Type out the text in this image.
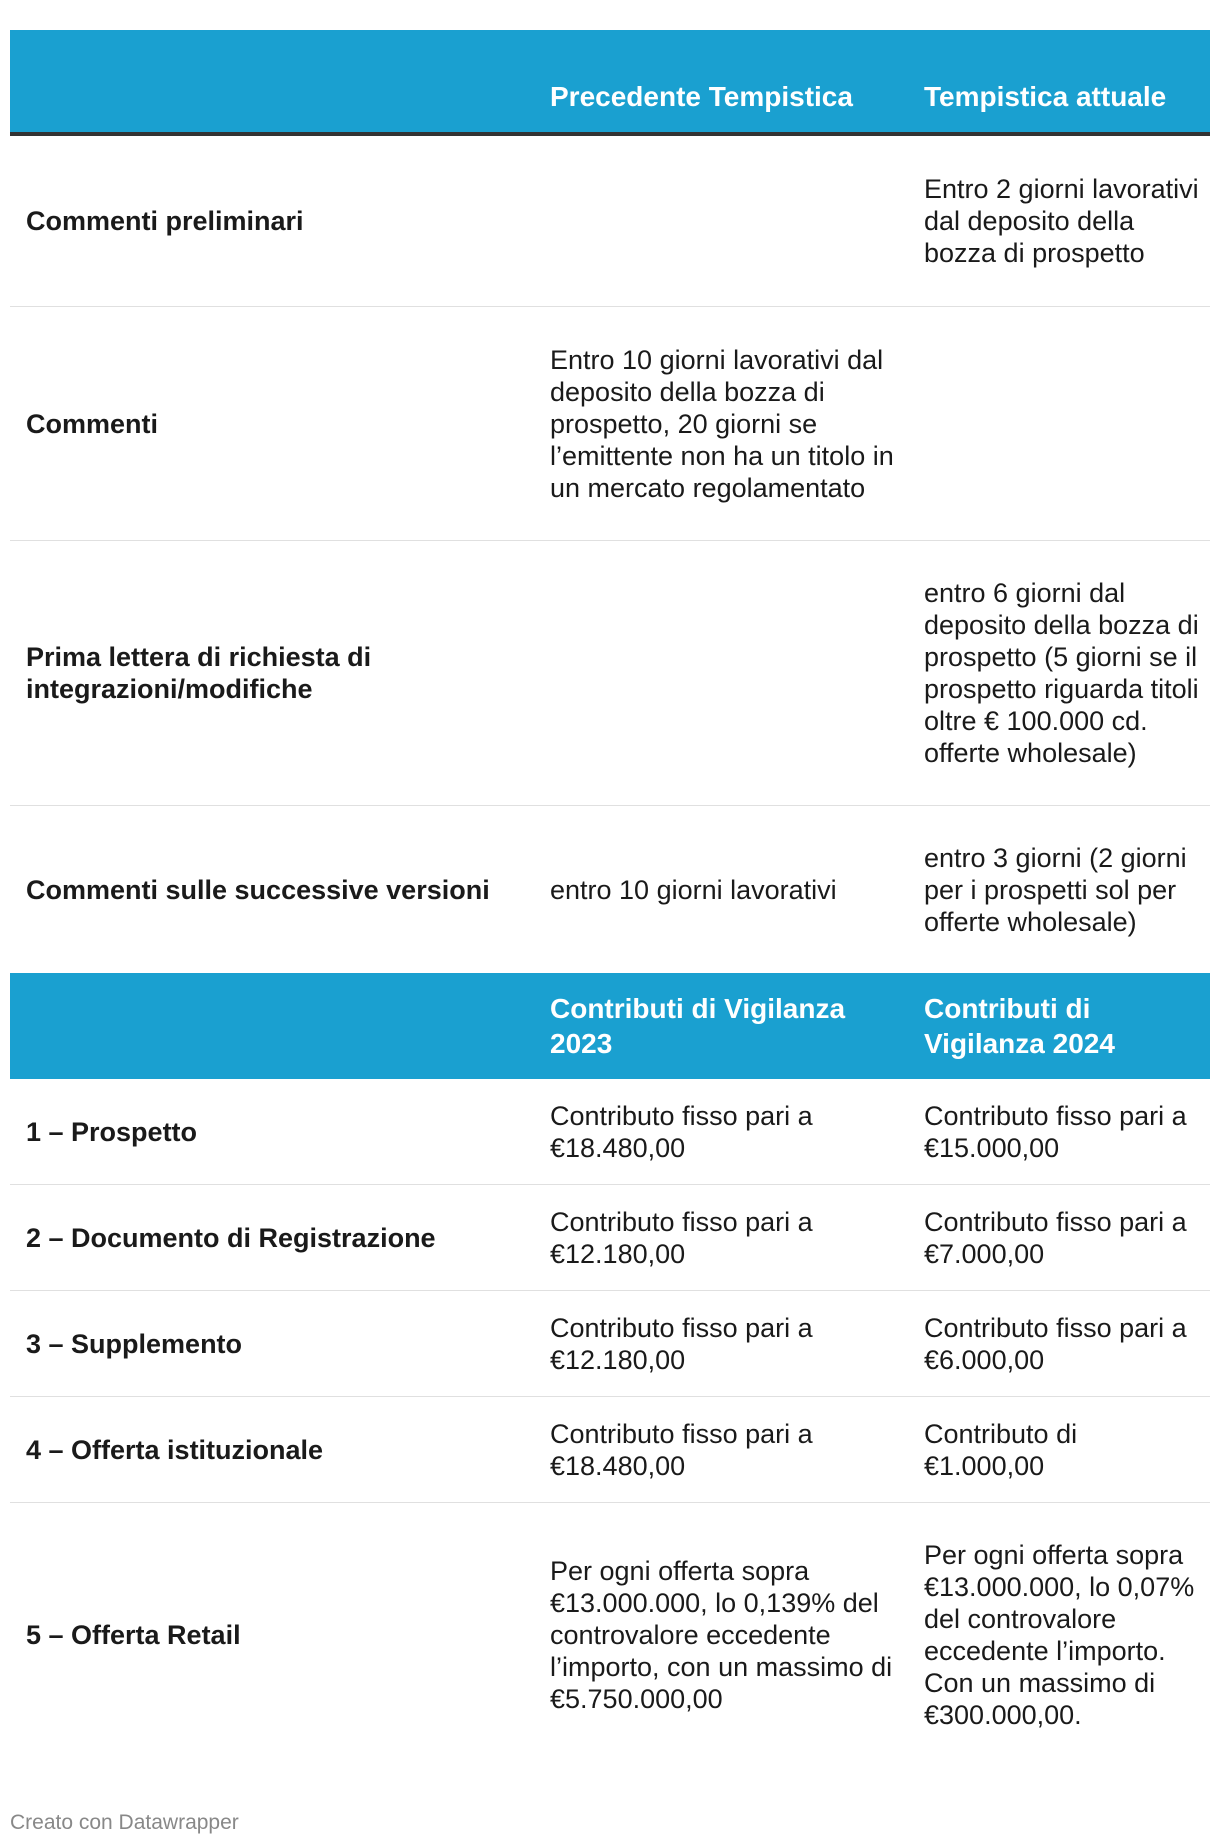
Precedente Tempistica	Tempistica attuale
Commenti preliminari
Entro 2 giorni lavorativi dal deposito della bozza di prospetto
Commenti
Entro 10 giorni lavorativi dal deposito della bozza di prospetto, 20 giorni se l’emittente non ha un titolo in un mercato regolamentato
Prima lettera di richiesta di integrazioni/modifiche
entro 6 giorni dal deposito della bozza di prospetto (5 giorni se il prospetto riguarda titoli oltre € 100.000 cd. offerte wholesale)
Commenti sulle successive versioni	entro 10 giorni lavorativi
entro 3 giorni (2 giorni per i prospetti sol per offerte wholesale)
Contributi di Vigilanza 2023
Contributi di Vigilanza 2024
1 – Prospetto
Contributo fisso pari a €18.480,00
Contributo fisso pari a €15.000,00
2 – Documento di Registrazione
Contributo fisso pari a €12.180,00
Contributo fisso pari a €7.000,00
3 – Supplemento
Contributo fisso pari a €12.180,00
Contributo fisso pari a €6.000,00
4 – Offerta istituzionale
Contributo fisso pari a €18.480,00
Contributo di €1.000,00
5 – Offerta Retail
Per ogni offerta sopra €13.000.000, lo 0,139% del controvalore eccedente l’importo, con un massimo di €5.750.000,00
Per ogni offerta sopra €13.000.000, lo 0,07% del controvalore eccedente l’importo. Con un massimo di €300.000,00.
Creato con Datawrapper
